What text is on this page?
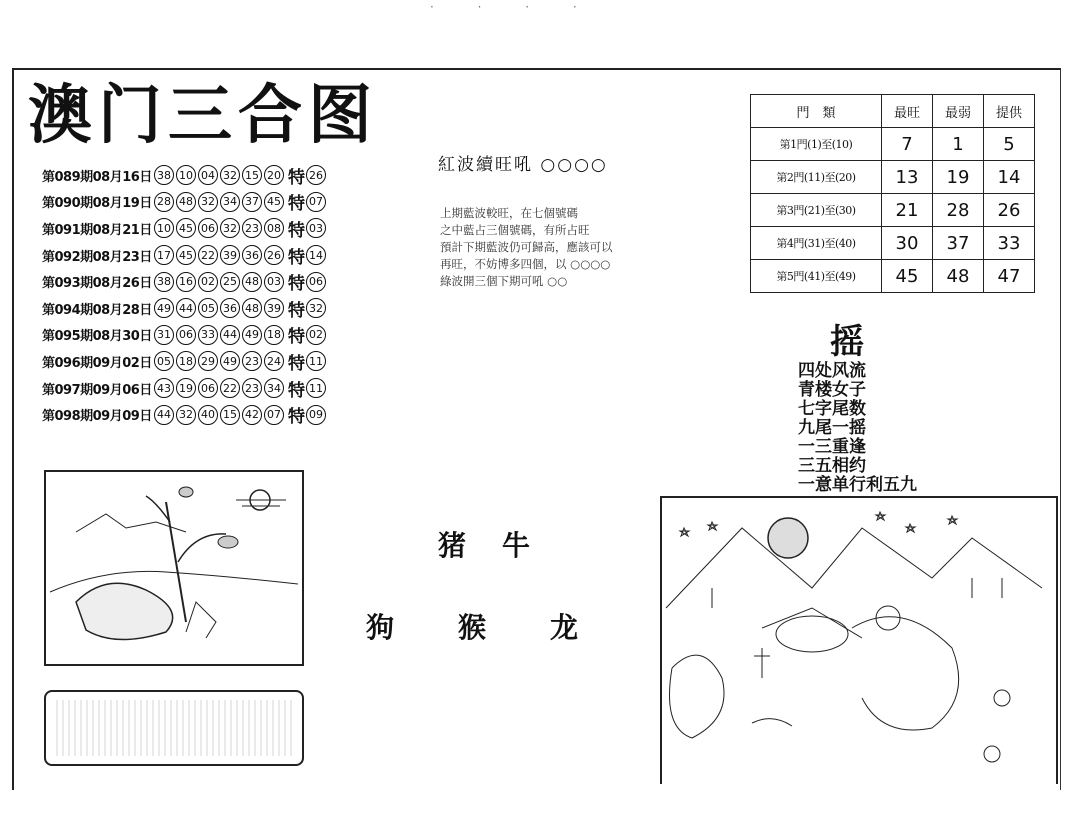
· · · ·
澳门三合图
第089期08月16日 38 10 04 32 15 20 特 26
第090期08月19日 28 48 32 34 37 45 特 07
第091期08月21日 10 45 06 32 23 08 特 03
第092期08月23日 17 45 22 39 36 26 特 14
第093期08月26日 38 16 02 25 48 03 特 06
第094期08月28日 49 44 05 36 48 39 特 32
第095期08月30日 31 06 33 44 49 18 特 02
第096期09月02日 05 18 29 49 23 24 特 11
第097期09月06日 43 19 06 22 23 34 特 11
第098期09月09日 44 32 40 15 42 07 特 09
紅波續旺吼 ○○○○
上期藍波較旺，在七個號碼
之中藍占三個號碼，有所占旺
預計下期藍波仍可歸高，應該可以
再旺，不妨博多四個，以 ○○○○
綠波開三個下期可吼 ○○
門　類	最旺	最弱	提供
第1門(1)至(10)	7	1	5
第2門(11)至(20)	13	19	14
第3門(21)至(30)	21	28	26
第4門(31)至(40)	30	37	33
第5門(41)至(49)	45	48	47
摇
四处风流
青楼女子
七字尾数
九尾一摇
一三重逢
三五相约
一意单行利五九
猪牛
狗 猴 龙
